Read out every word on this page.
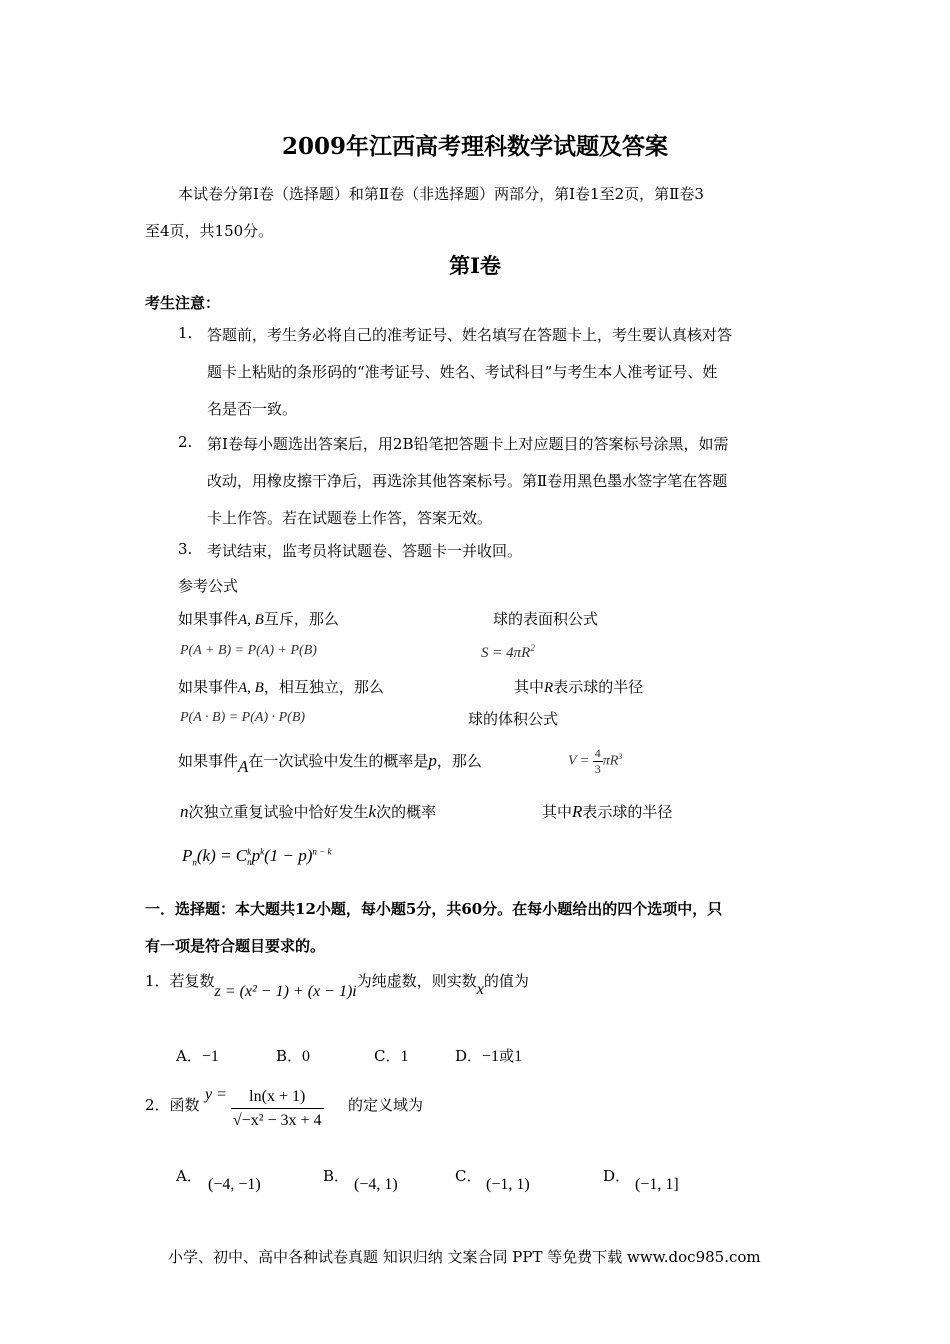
2009年江西高考理科数学试题及答案
本试卷分第Ⅰ卷（选择题）和第Ⅱ卷（非选择题）两部分，第Ⅰ卷1至2页，第Ⅱ卷3
至4页，共150分。
第Ⅰ卷
考生注意：
1. 答题前，考生务必将自己的准考证号、姓名填写在答题卡上，考生要认真核对答
题卡上粘贴的条形码的“准考证号、姓名、考试科目”与考生本人准考证号、姓
名是否一致。
2. 第Ⅰ卷每小题选出答案后，用2B铅笔把答题卡上对应题目的答案标号涂黑，如需
改动，用橡皮擦干净后，再选涂其他答案标号。第Ⅱ卷用黑色墨水签字笔在答题
卡上作答。若在试题卷上作答，答案无效。
3. 考试结束，监考员将试题卷、答题卡一并收回。
参考公式
如果事件A, B互斥，那么	球的表面积公式
P(A + B) = P(A) + P(B)	$S = 4\pi R^2$
如果事件A, B，相互独立，那么	其中R表示球的半径
P(A · B) = P(A) · P(B)	球的体积公式
如果事件A在一次试验中发生的概率是p，那么	$V = \frac{4}{3} \pi R^3$
n次独立重复试验中恰好发生k次的概率	其中R表示球的半径
$P_n(k) = C$ k
n $p^k(1 - p)^{n - k}$
一．选择题：本大题共12小题，每小题5分，共60分。在每小题给出的四个选项中，只
有一项是符合题目要求的。
1．若复数z = (x² − 1) + (x − 1)i为纯虚数，则实数x的值为
A．−1	B．0	C．1	D．−1或1
2．函数
$y = \frac{\ln(x + 1)}{\text{√−x² − 3x + 4}}$ 的定义域为
A． (−4, −1)	B． (−4, 1)	C． (−1, 1)	D． (−1, 1]
小学、初中、高中各种试卷真题 知识归纳 文案合同 PPT 等免费下载 www.doc985.com
